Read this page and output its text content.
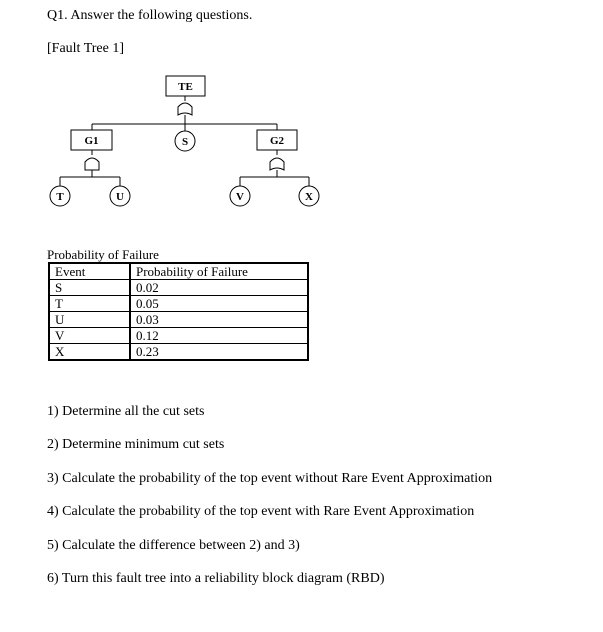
Q1. Answer the following questions.
[Fault Tree 1]
TE
S
G1	G2
T	U	V	X
Probability of Failure
Event	Probability of Failure
S	0.02
T	0.05
U	0.03
V	0.12
X	0.23
1) Determine all the cut sets
2) Determine minimum cut sets
3) Calculate the probability of the top event without Rare Event Approximation
4) Calculate the probability of the top event with Rare Event Approximation
5) Calculate the difference between 2) and 3)
6) Turn this fault tree into a reliability block diagram (RBD)
